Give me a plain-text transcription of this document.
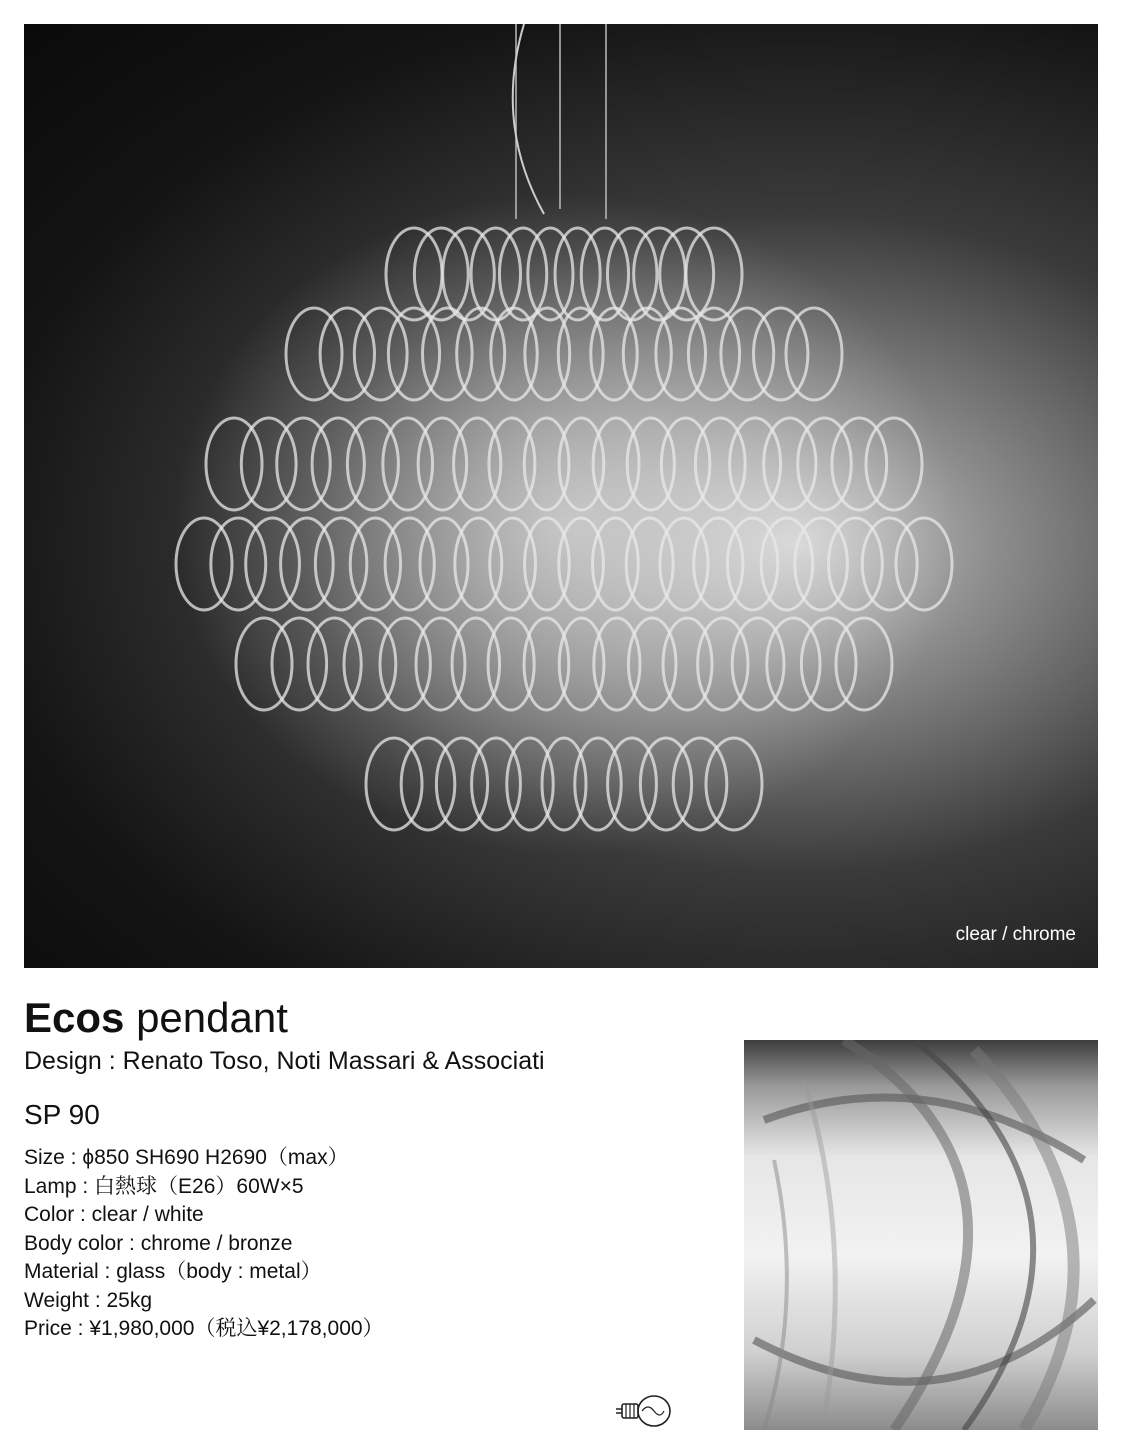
clear / chrome
Ecos pendant
Design : Renato Toso, Noti Massari & Associati
SP 90
Size : ϕ850 SH690 H2690（max）
Lamp : 白熱球（E26）60W×5
Color : clear / white
Body color : chrome / bronze
Material : glass（body : metal）
Weight : 25kg
Price : ¥1,980,000（税込¥2,178,000）
